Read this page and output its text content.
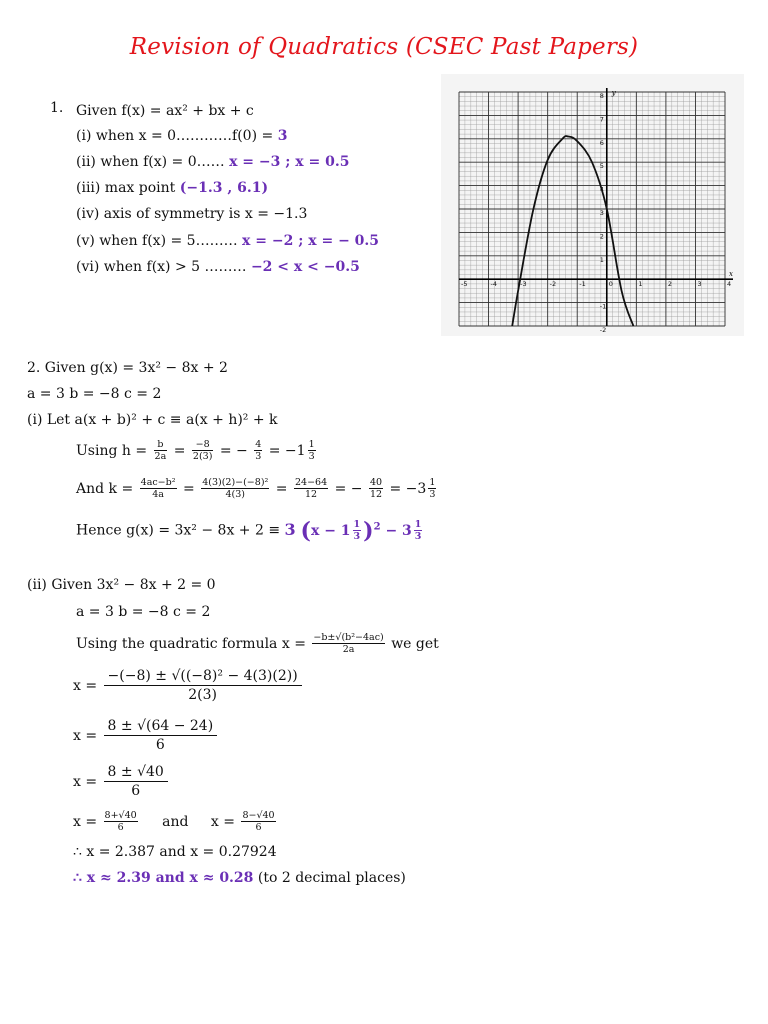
Revision of Quadratics (CSEC Past Papers)
1. Given f(x) = ax² + bx + c
(i) when x = 0…………f(0) = 3
(ii) when f(x) = 0…… x = −3 ; x = 0.5
(iii) max point (−1.3 , 6.1)
(iv) axis of symmetry is x = −1.3
(v) when f(x) = 5……… x = −2 ; x = − 0.5
(vi) when f(x) > 5 ……… −2 < x < −0.5
-5	-4	-3	-2	-1	0	1	2	3	4
-2
-1
1
2
3
4
5
6
7
8
x
y
2. Given g(x) = 3x² − 8x + 2
a = 3 b = −8 c = 2
(i) Let a(x + b)² + c ≡ a(x + h)² + k
Using $h = \frac{b}{2a} = \frac{-8}{2(3)}$ = − $\frac{4}{3} = -1 \frac{1}{3}$
And $k = \frac{\text{4ac−b²}}{4a} = \frac{\text{4(3)(2)−(−8)²}}{4(3)} = \frac{24-64}{12}$ = − $\frac{40}{12} = -3 \frac{1}{3}$
Hence g(x) = 3x² − 8x + 2 ≡ 3 $(x - 1 \frac{1}{3} )^2 - 3 \frac{1}{3}$
(ii) Given 3x² − 8x + 2 = 0
a = 3 b = −8 c = 2
Using the quadratic formula $x = \frac{\text{−b±√(b²−4ac)}}{2a}$ we get
$x = \frac{\text{−(−8) ± √((−8)² − 4(3)(2))}}{2(3)}$
$x = \frac{8 \pm √(64 - 24)}{6}$
$x = \frac{8 \pm √40}{6}$
$x = \frac{8+√40}{6}$ and $x = \frac{8-√40}{6}$
∴ x = 2.387 and x = 0.27924
∴ x ≈ 2.39 and x ≈ 0.28 (to 2 decimal places)
